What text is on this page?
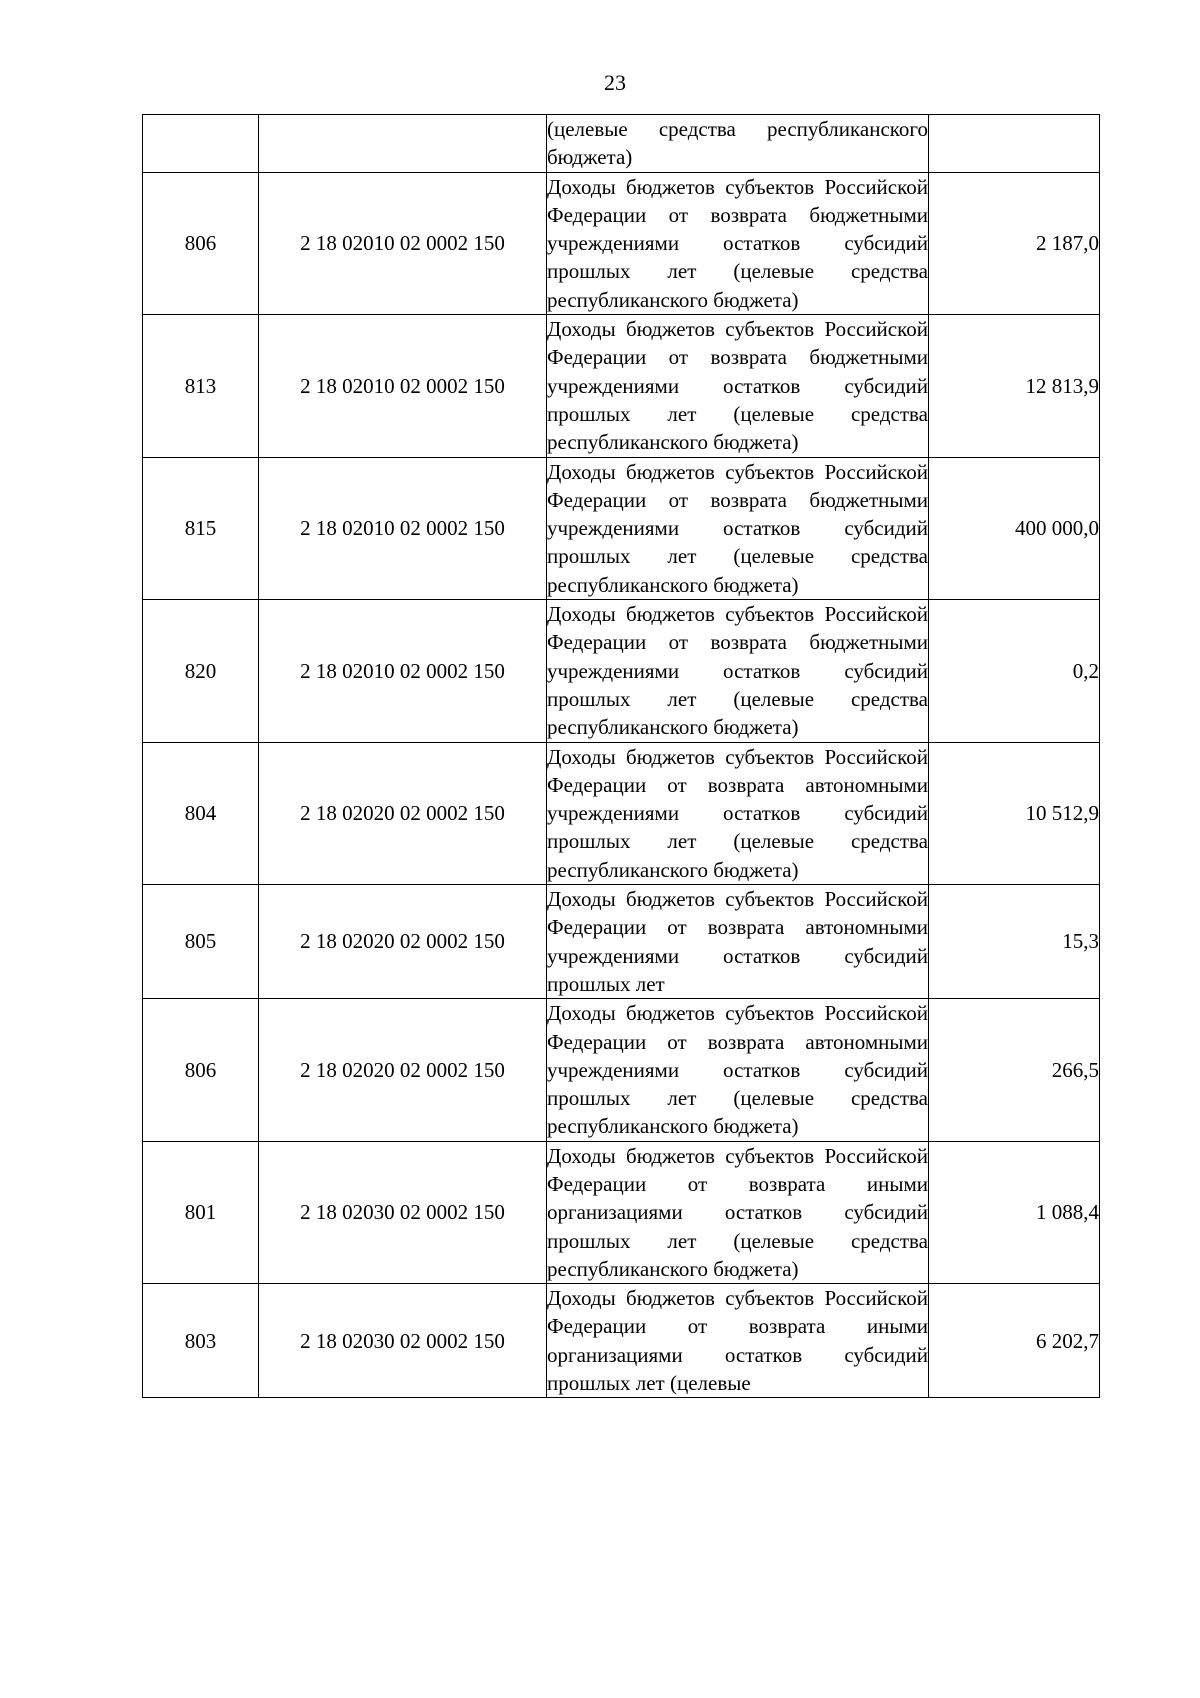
23
		(целевые средства республиканского бюджета)	
806	2 18 02010 02 0002 150	Доходы бюджетов субъектов Российской Федерации от возврата бюджетными учреждениями остатков субсидий прошлых лет (целевые средства республиканского бюджета)	2 187,0
813	2 18 02010 02 0002 150	Доходы бюджетов субъектов Российской Федерации от возврата бюджетными учреждениями остатков субсидий прошлых лет (целевые средства республиканского бюджета)	12 813,9
815	2 18 02010 02 0002 150	Доходы бюджетов субъектов Российской Федерации от возврата бюджетными учреждениями остатков субсидий прошлых лет (целевые средства республиканского бюджета)	400 000,0
820	2 18 02010 02 0002 150	Доходы бюджетов субъектов Российской Федерации от возврата бюджетными учреждениями остатков субсидий прошлых лет (целевые средства республиканского бюджета)	0,2
804	2 18 02020 02 0002 150	Доходы бюджетов субъектов Российской Федерации от возврата автономными учреждениями остатков субсидий прошлых лет (целевые средства республиканского бюджета)	10 512,9
805	2 18 02020 02 0002 150	Доходы бюджетов субъектов Российской Федерации от возврата автономными учреждениями остатков субсидий прошлых лет	15,3
806	2 18 02020 02 0002 150	Доходы бюджетов субъектов Российской Федерации от возврата автономными учреждениями остатков субсидий прошлых лет (целевые средства республиканского бюджета)	266,5
801	2 18 02030 02 0002 150	Доходы бюджетов субъектов Российской Федерации от возврата иными организациями остатков субсидий прошлых лет (целевые средства республиканского бюджета)	1 088,4
803	2 18 02030 02 0002 150	Доходы бюджетов субъектов Российской Федерации от возврата иными организациями остатков субсидий прошлых лет (целевые	6 202,7
